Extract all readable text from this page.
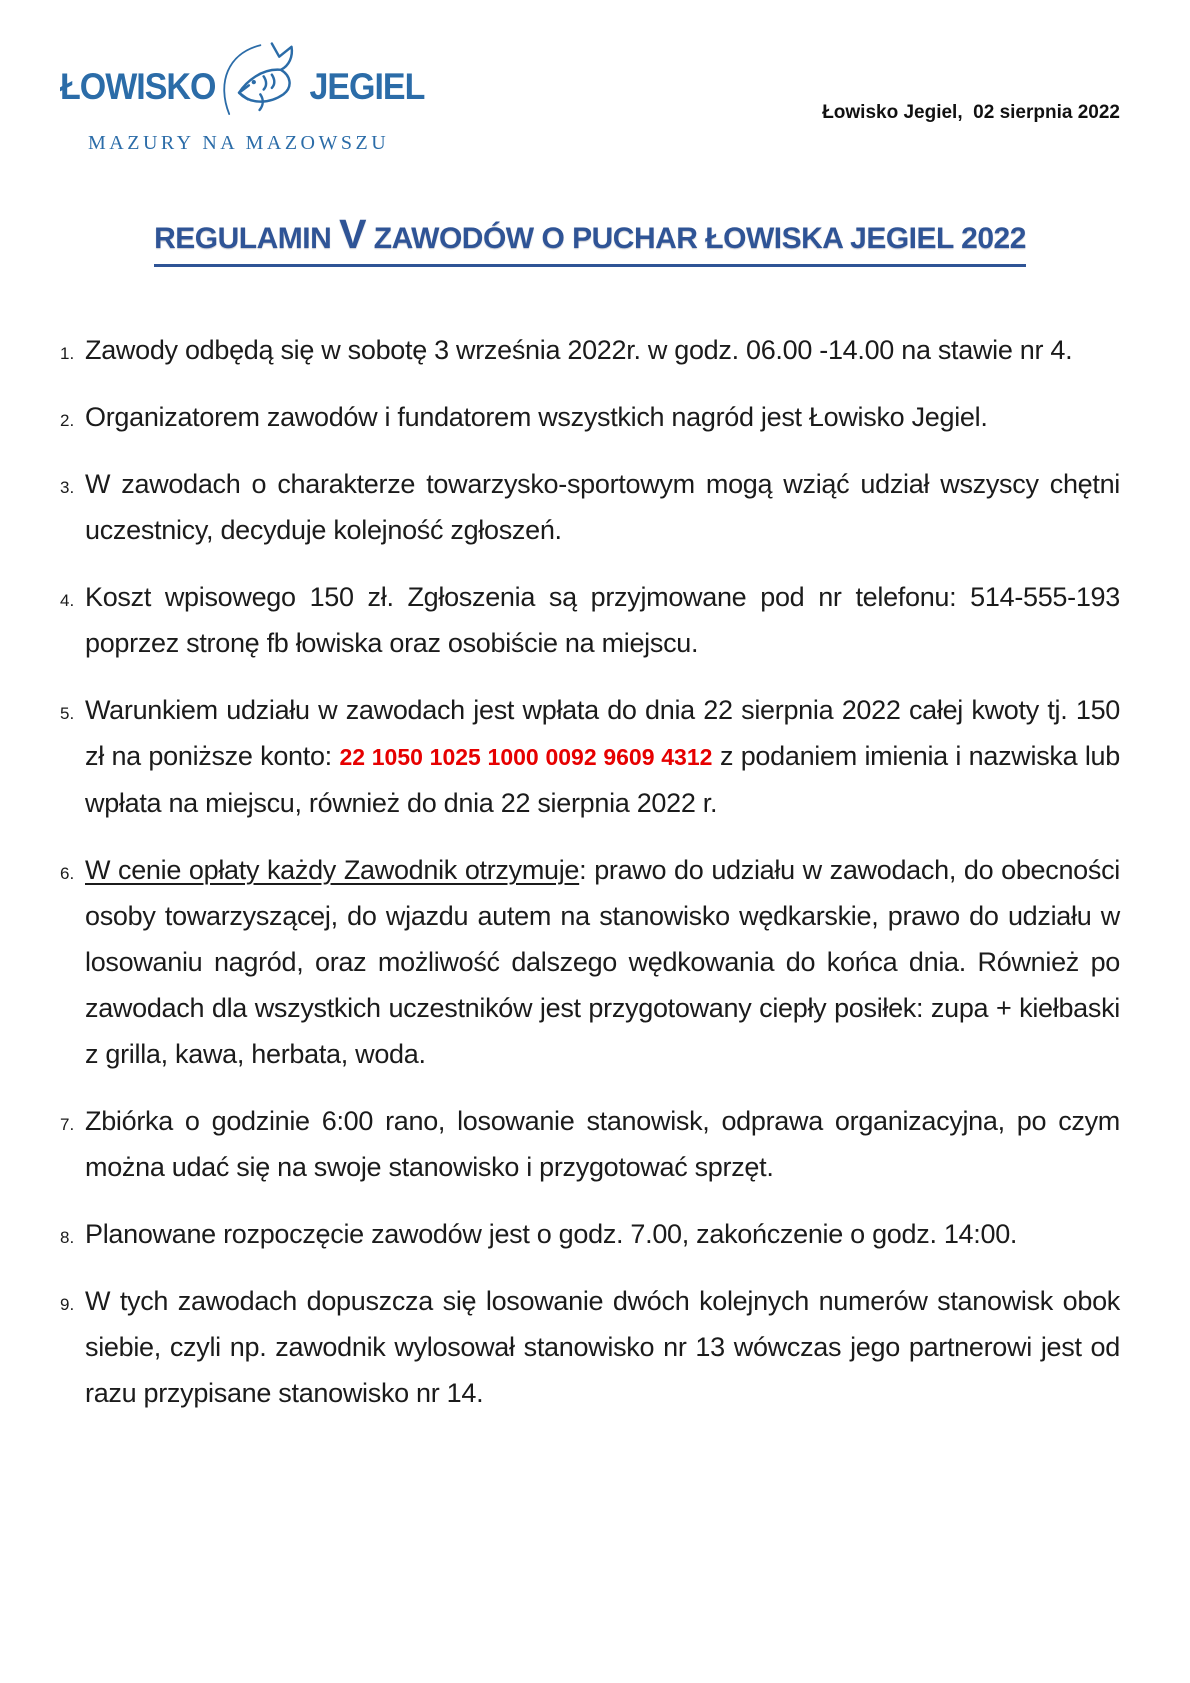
ŁOWISKO	JEGIEL
MAZURY NA MAZOWSZU
Łowisko Jegiel,  02 sierpnia 2022
REGULAMIN V ZAWODÓW O PUCHAR ŁOWISKA JEGIEL 2022
1. Zawody odbędą się w sobotę 3 września 2022r. w godz. 06.00 -14.00 na stawie nr 4.

2. Organizatorem zawodów i fundatorem wszystkich nagród jest Łowisko Jegiel.

3. W zawodach o charakterze towarzysko-sportowym mogą wziąć udział wszyscy chętni uczestnicy, decyduje kolejność zgłoszeń.

4. Koszt wpisowego 150 zł. Zgłoszenia są przyjmowane pod nr telefonu: 514-555-193 poprzez stronę fb łowiska oraz osobiście na miejscu.

5. Warunkiem udziału w zawodach jest wpłata do dnia 22 sierpnia 2022 całej kwoty tj. 150 zł na poniższe konto: 22 1050 1025 1000 0092 9609 4312 z podaniem imienia i nazwiska lub wpłata na miejscu, również do dnia 22 sierpnia 2022 r.

6. W cenie opłaty każdy Zawodnik otrzymuje: prawo do udziału w zawodach, do obecności osoby towarzyszącej, do wjazdu autem na stanowisko wędkarskie, prawo do udziału w losowaniu nagród, oraz możliwość dalszego wędkowania do końca dnia. Również po zawodach dla wszystkich uczestników jest przygotowany ciepły posiłek: zupa + kiełbaski z grilla, kawa, herbata, woda.

7. Zbiórka o godzinie 6:00 rano, losowanie stanowisk, odprawa organizacyjna, po czym można udać się na swoje stanowisko i przygotować sprzęt.

8. Planowane rozpoczęcie zawodów jest o godz. 7.00, zakończenie o godz. 14:00.

9. W tych zawodach dopuszcza się losowanie dwóch kolejnych numerów stanowisk obok siebie, czyli np. zawodnik wylosował stanowisko nr 13 wówczas jego partnerowi jest od razu przypisane stanowisko nr 14.
